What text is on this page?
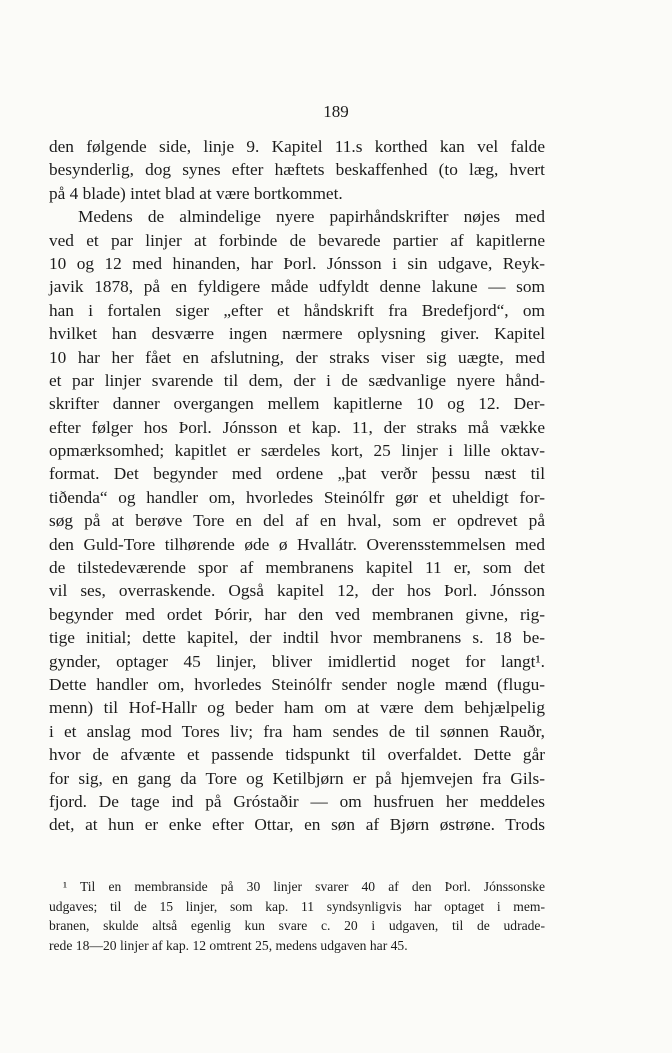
189
den følgende side, linje 9. Kapitel 11.s korthed kan vel falde
besynderlig, dog synes efter hæftets beskaffenhed (to læg, hvert
på 4 blade) intet blad at være bortkommet.
Medens de almindelige nyere papirhåndskrifter nøjes med
ved et par linjer at forbinde de bevarede partier af kapitlerne
10 og 12 med hinanden, har Þorl. Jónsson i sin udgave, Reyk-
javik 1878, på en fyldigere måde udfyldt denne lakune — som
han i fortalen siger „efter et håndskrift fra Bredefjord“, om
hvilket han desværre ingen nærmere oplysning giver. Kapitel
10 har her fået en afslutning, der straks viser sig uægte, med
et par linjer svarende til dem, der i de sædvanlige nyere hånd-
skrifter danner overgangen mellem kapitlerne 10 og 12. Der-
efter følger hos Þorl. Jónsson et kap. 11, der straks må vække
opmærksomhed; kapitlet er særdeles kort, 25 linjer i lille oktav-
format. Det begynder med ordene „þat verðr þessu næst til
tiðenda“ og handler om, hvorledes Steinólfr gør et uheldigt for-
søg på at berøve Tore en del af en hval, som er opdrevet på
den Guld-Tore tilhørende øde ø Hvallátr. Overensstemmelsen med
de tilstedeværende spor af membranens kapitel 11 er, som det
vil ses, overraskende. Også kapitel 12, der hos Þorl. Jónsson
begynder med ordet Þórir, har den ved membranen givne, rig-
tige initial; dette kapitel, der indtil hvor membranens s. 18 be-
gynder, optager 45 linjer, bliver imidlertid noget for langt¹.
Dette handler om, hvorledes Steinólfr sender nogle mænd (flugu-
menn) til Hof-Hallr og beder ham om at være dem behjælpelig
i et anslag mod Tores liv; fra ham sendes de til sønnen Rauðr,
hvor de afvænte et passende tidspunkt til overfaldet. Dette går
for sig, en gang da Tore og Ketilbjørn er på hjemvejen fra Gils-
fjord. De tage ind på Gróstaðir — om husfruen her meddeles
det, at hun er enke efter Ottar, en søn af Bjørn østrøne. Trods
¹ Til en membranside på 30 linjer svarer 40 af den Þorl. Jónssonske
udgaves; til de 15 linjer, som kap. 11 syndsynligvis har optaget i mem-
branen, skulde altså egenlig kun svare c. 20 i udgaven, til de udrade-
rede 18—20 linjer af kap. 12 omtrent 25, medens udgaven har 45.
